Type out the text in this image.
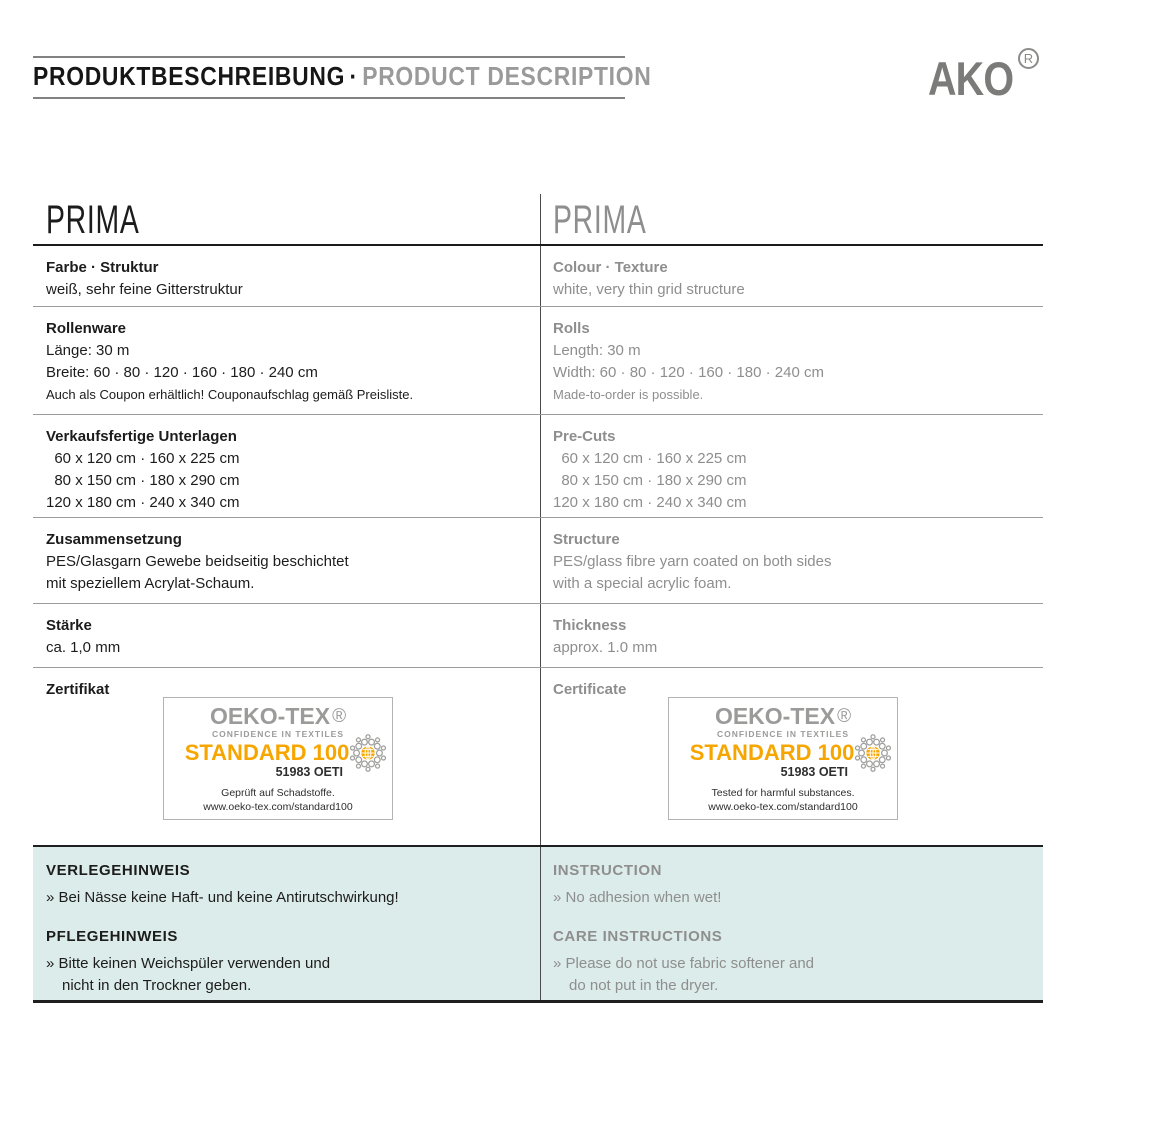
PRODUKTBESCHREIBUNG · PRODUCT DESCRIPTION	AKO R
PRIMA	PRIMA
Farbe · Struktur
weiß, sehr feine Gitterstruktur
Colour · Texture
white, very thin grid structure
Rollenware
Länge: 30 m
Breite: 60 · 80 · 120 · 160 · 180 · 240 cm
Auch als Coupon erhältlich! Couponaufschlag gemäß Preisliste.
Rolls
Length: 30 m
Width: 60 · 80 · 120 · 160 · 180 · 240 cm
Made-to-order is possible.
Verkaufsfertige Unterlagen
60 x 120 cm · 160 x 225 cm
80 x 150 cm · 180 x 290 cm
120 x 180 cm · 240 x 340 cm
Pre-Cuts
60 x 120 cm · 160 x 225 cm
80 x 150 cm · 180 x 290 cm
120 x 180 cm · 240 x 340 cm
Zusammensetzung
PES/Glasgarn Gewebe beidseitig beschichtet
mit speziellem Acrylat-Schaum.
Structure
PES/glass fibre yarn coated on both sides
with a special acrylic foam.
Stärke
ca. 1,0 mm
Thickness
approx. 1.0 mm
Zertifikat
OEKO-TEX ®
CONFIDENCE IN TEXTILES
STANDARD 100
51983 OETI
Geprüft auf Schadstoffe.
www.oeko-tex.com/standard100
Certificate
OEKO-TEX ®
CONFIDENCE IN TEXTILES
STANDARD 100
51983 OETI
Tested for harmful substances.
www.oeko-tex.com/standard100
VERLEGEHINWEIS
» Bei Nässe keine Haft- und keine Antirutschwirkung!
PFLEGEHINWEIS
» Bitte keinen Weichspüler verwenden und
nicht in den Trockner geben.
INSTRUCTION
» No adhesion when wet!
CARE INSTRUCTIONS
» Please do not use fabric softener and
do not put in the dryer.
